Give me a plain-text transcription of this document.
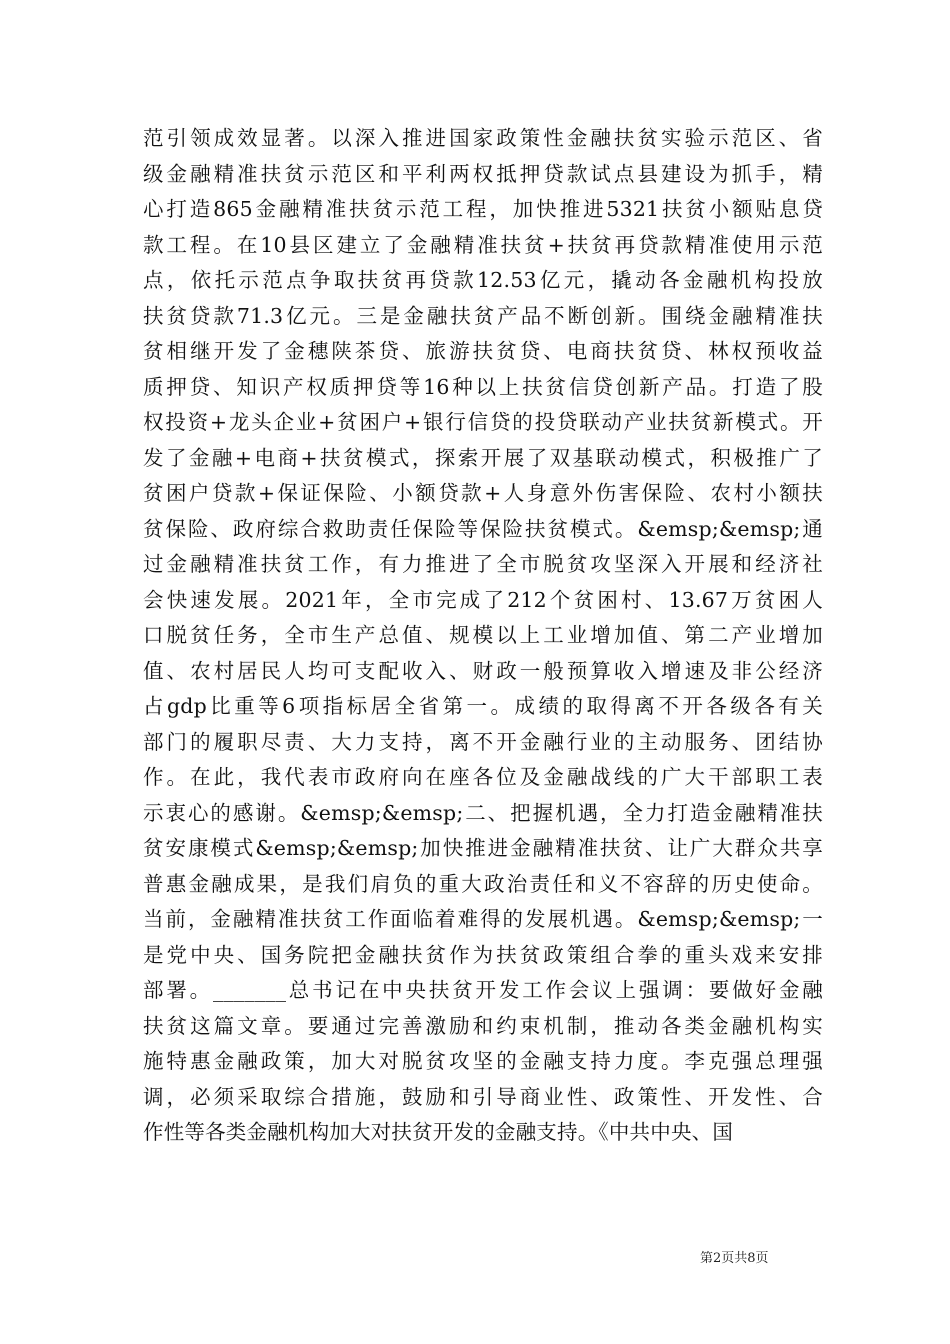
范引领成效显著。以深入推进国家政策性金融扶贫实验示范区、省
级金融精准扶贫示范区和平利两权抵押贷款试点县建设为抓手，精
心打造865金融精准扶贫示范工程，加快推进5321扶贫小额贴息贷
款工程。在10县区建立了金融精准扶贫+扶贫再贷款精准使用示范
点，依托示范点争取扶贫再贷款12.53亿元，撬动各金融机构投放
扶贫贷款71.3亿元。三是金融扶贫产品不断创新。围绕金融精准扶
贫相继开发了金穗陕茶贷、旅游扶贫贷、电商扶贫贷、林权预收益
质押贷、知识产权质押贷等16种以上扶贫信贷创新产品。打造了股
权投资+龙头企业+贫困户+银行信贷的投贷联动产业扶贫新模式。开
发了金融+电商+扶贫模式，探索开展了双基联动模式，积极推广了
贫困户贷款+保证保险、小额贷款+人身意外伤害保险、农村小额扶
贫保险、政府综合救助责任保险等保险扶贫模式。&emsp;&emsp;通
过金融精准扶贫工作，有力推进了全市脱贫攻坚深入开展和经济社
会快速发展。2021年，全市完成了212个贫困村、13.67万贫困人
口脱贫任务，全市生产总值、规模以上工业增加值、第二产业增加
值、农村居民人均可支配收入、财政一般预算收入增速及非公经济
占gdp比重等6项指标居全省第一。成绩的取得离不开各级各有关
部门的履职尽责、大力支持，离不开金融行业的主动服务、团结协
作。在此，我代表市政府向在座各位及金融战线的广大干部职工表
示衷心的感谢。&emsp;&emsp;二、把握机遇，全力打造金融精准扶
贫安康模式&emsp;&emsp;加快推进金融精准扶贫、让广大群众共享
普惠金融成果，是我们肩负的重大政治责任和义不容辞的历史使命。
当前，金融精准扶贫工作面临着难得的发展机遇。&emsp;&emsp;一
是党中央、国务院把金融扶贫作为扶贫政策组合拳的重头戏来安排
部署。_______总书记在中央扶贫开发工作会议上强调：要做好金融
扶贫这篇文章。要通过完善激励和约束机制，推动各类金融机构实
施特惠金融政策，加大对脱贫攻坚的金融支持力度。李克强总理强
调，必须采取综合措施，鼓励和引导商业性、政策性、开发性、合
作性等各类金融机构加大对扶贫开发的金融支持。《中共中央、国
第2页共8页
